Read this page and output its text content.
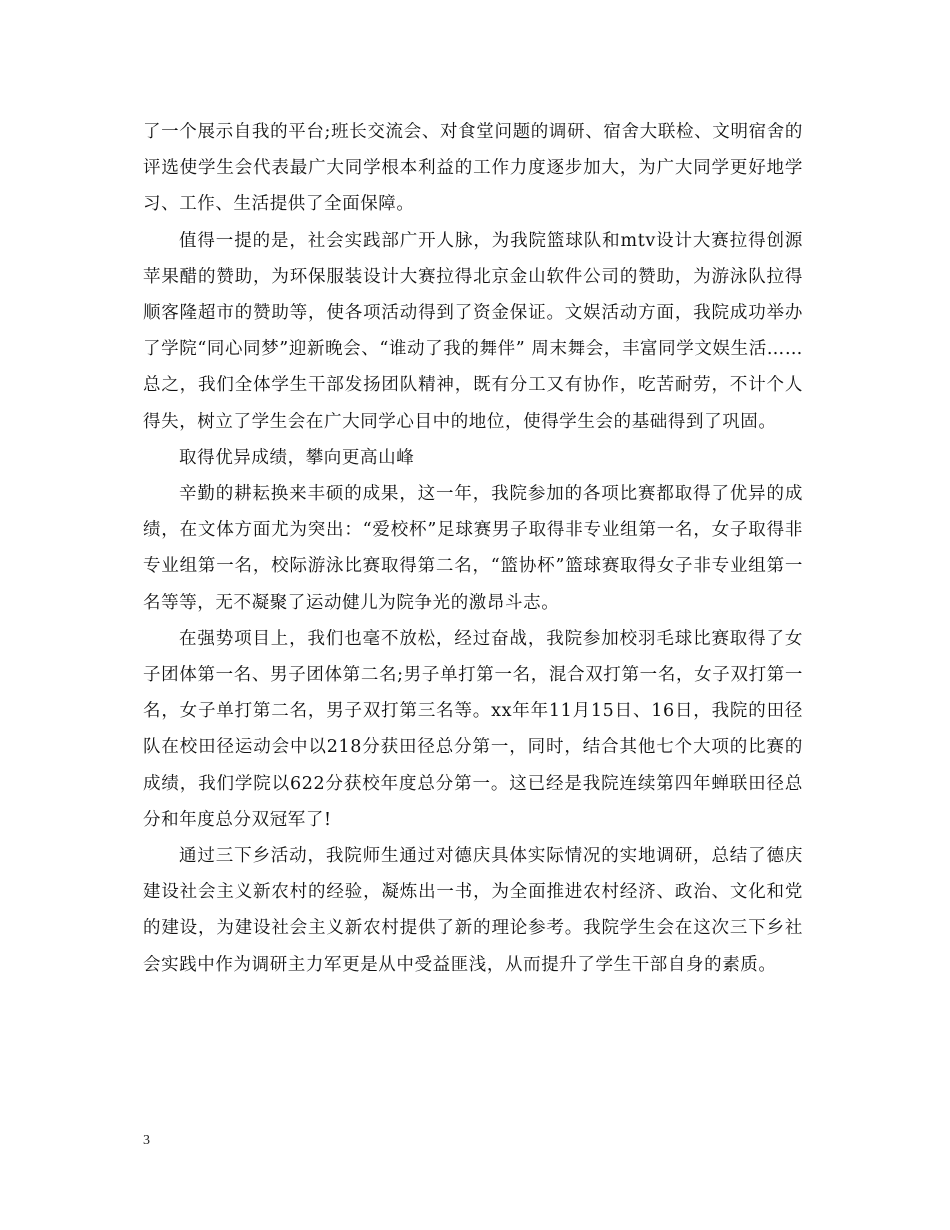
了一个展示自我的平台;班长交流会、对食堂问题的调研、宿舍大联检、文明宿舍的评选使学生会代表最广大同学根本利益的工作力度逐步加大，为广大同学更好地学习、工作、生活提供了全面保障。

值得一提的是，社会实践部广开人脉，为我院篮球队和mtv设计大赛拉得创源苹果醋的赞助，为环保服装设计大赛拉得北京金山软件公司的赞助，为游泳队拉得顺客隆超市的赞助等，使各项活动得到了资金保证。文娱活动方面，我院成功举办了学院“同心同梦”迎新晚会、“谁动了我的舞伴” 周末舞会，丰富同学文娱生活……总之，我们全体学生干部发扬团队精神，既有分工又有协作，吃苦耐劳，不计个人得失，树立了学生会在广大同学心目中的地位，使得学生会的基础得到了巩固。

取得优异成绩，攀向更高山峰

辛勤的耕耘换来丰硕的成果，这一年，我院参加的各项比赛都取得了优异的成绩，在文体方面尤为突出：“爱校杯”足球赛男子取得非专业组第一名，女子取得非专业组第一名，校际游泳比赛取得第二名，“篮协杯”篮球赛取得女子非专业组第一名等等，无不凝聚了运动健儿为院争光的激昂斗志。

在强势项目上，我们也毫不放松，经过奋战，我院参加校羽毛球比赛取得了女子团体第一名、男子团体第二名;男子单打第一名，混合双打第一名，女子双打第一名，女子单打第二名，男子双打第三名等。xx年年11月15日、16日，我院的田径队在校田径运动会中以218分获田径总分第一，同时，结合其他七个大项的比赛的成绩，我们学院以622分获校年度总分第一。这已经是我院连续第四年蝉联田径总分和年度总分双冠军了!

通过三下乡活动，我院师生通过对德庆具体实际情况的实地调研，总结了德庆建设社会主义新农村的经验，凝炼出一书，为全面推进农村经济、政治、文化和党的建设，为建设社会主义新农村提供了新的理论参考。我院学生会在这次三下乡社会实践中作为调研主力军更是从中受益匪浅，从而提升了学生干部自身的素质。

3
